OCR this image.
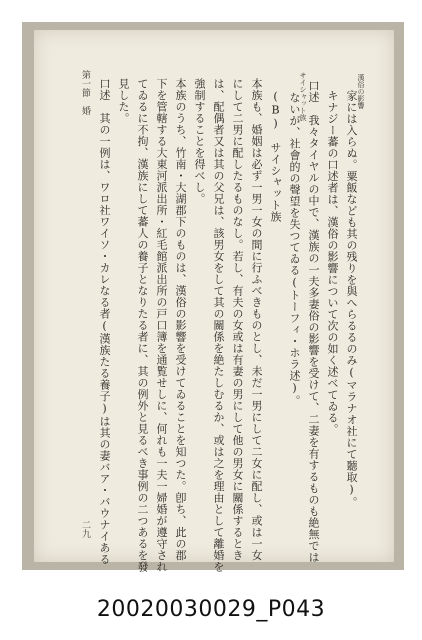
家には入らぬ。粟飯なども其の残りを與へらるるのみ(マラナオ社にて聽取)。
キナジー蕃の口述者は、漢俗の影響について次の如く述べてゐる。
口述　我々タイヤルの中で、漢族の一夫多妻俗の影響を受けて、二妻を有するものも絶無では
ないが、社會的の聲望を失つてゐる(トーフィ・ホラ述)。
(B)　サイシャット族
本族も、婚姻は必ず一男一女の間に行ふべきものとし、未だ一男にして二女に配し、或は一女
にして二男に配したるものなし。若し、有夫の女或は有妻の男にして他の男女に關係するとき
は、配偶者又は其の父兄は、該男女をして其の關係を絶たしむるか、或は之を理由として離婚を
強制することを得べし。
本族のうち、竹南・大湖郡下のものは、漢俗の影響を受けてゐることを知つた。卽ち、此の郡
下を管轄する大東河派出所・紅毛館派出所の戸口簿を通覧せしに、何れも一夫一婦婚が遵守され
てゐるに不拘、漢族にして蕃人の養子となりたる者に、其の例外と見るべき事例の二つあるを發
見した。
口述　其の一例は、ワロ社ワイソ・カレなる者(漢族たる養子)は其の妻バア・バウナイある	漢俗の影響
サイシャット族
第一節　婚
二九
20020030029_P043
